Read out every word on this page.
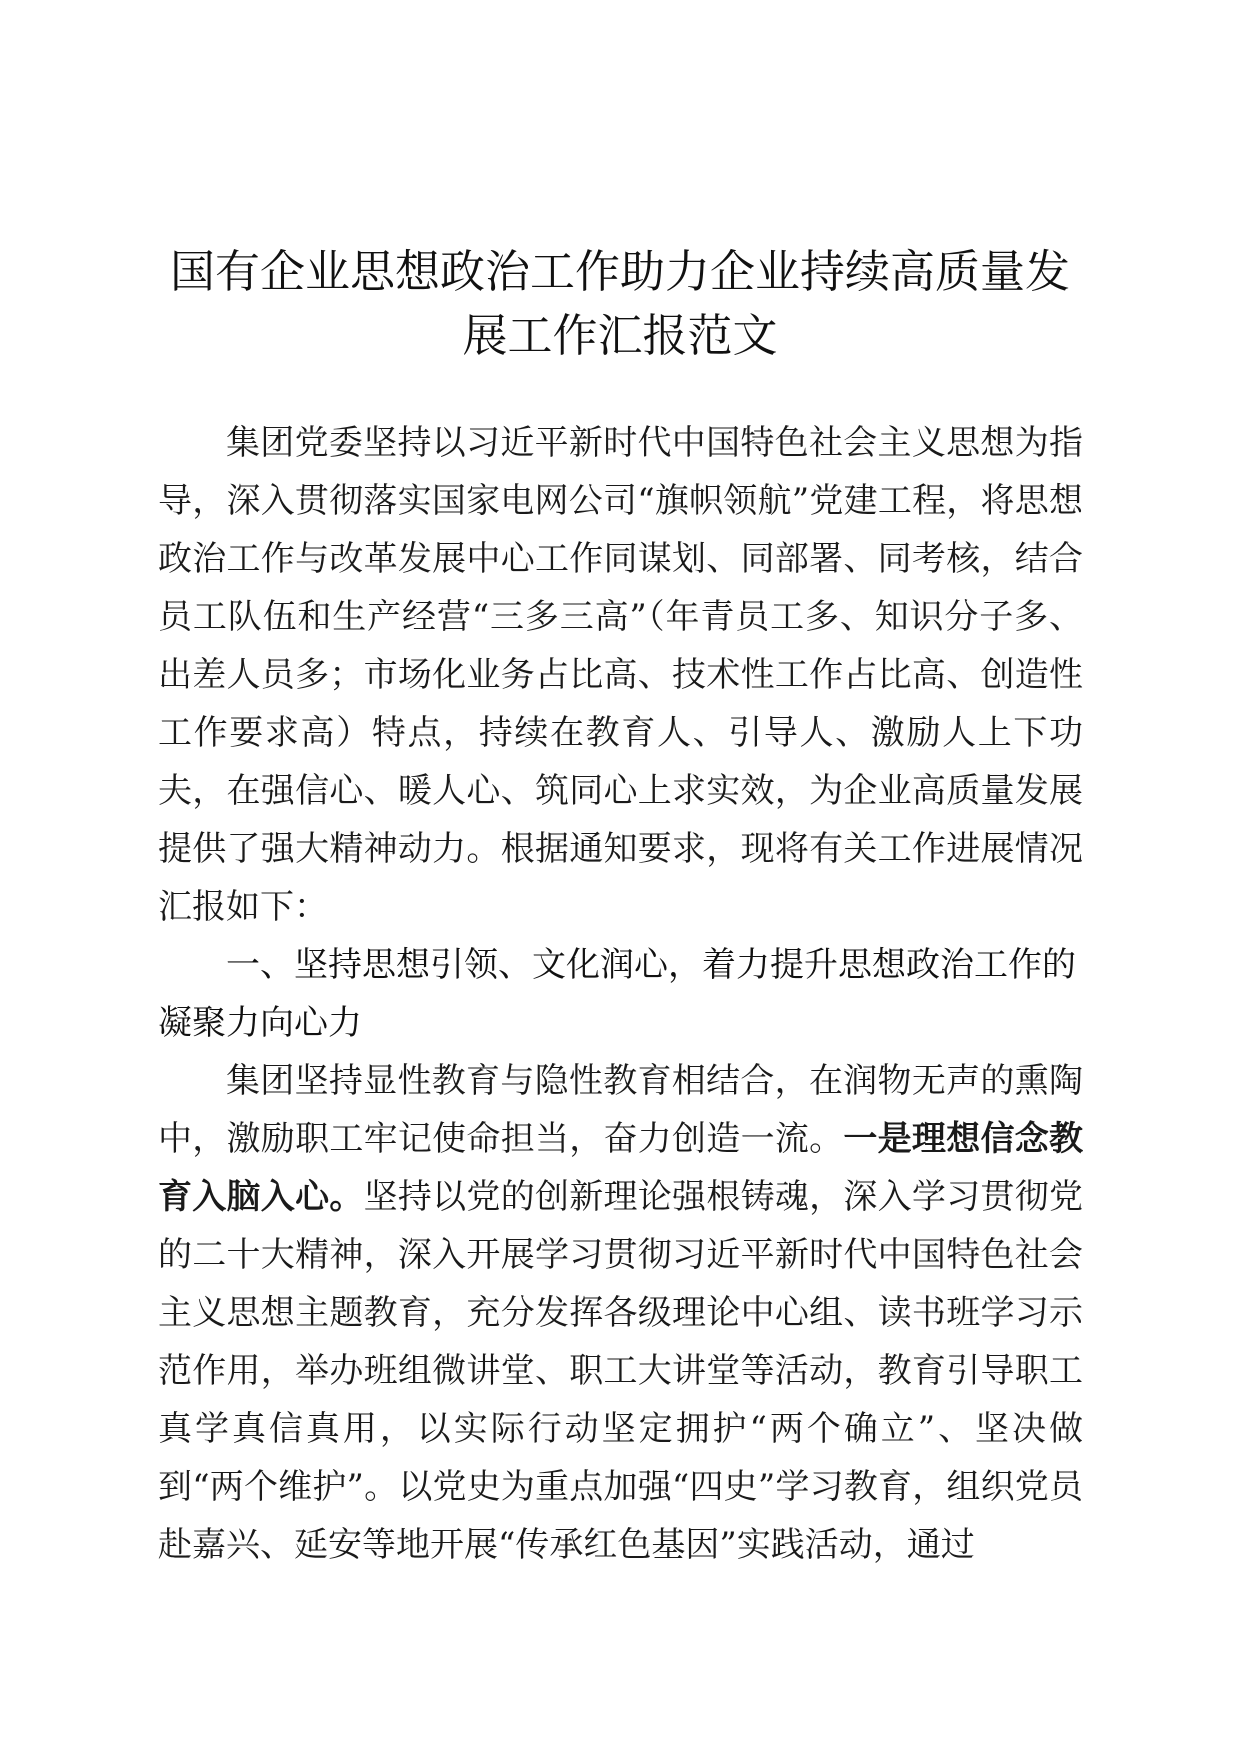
国有企业思想政治工作助力企业持续高质量发展工作汇报范文

集团党委坚持以习近平新时代中国特色社会主义思想为指导，深入贯彻落实国家电网公司“旗帜领航”党建工程，将思想政治工作与改革发展中心工作同谋划、同部署、同考核，结合员工队伍和生产经营“三多三高”（年青员工多、知识分子多、出差人员多；市场化业务占比高、技术性工作占比高、创造性工作要求高）特点，持续在教育人、引导人、激励人上下功夫，在强信心、暖人心、筑同心上求实效，为企业高质量发展提供了强大精神动力。根据通知要求，现将有关工作进展情况汇报如下：

一、坚持思想引领、文化润心，着力提升思想政治工作的凝聚力向心力

集团坚持显性教育与隐性教育相结合，在润物无声的熏陶中，激励职工牢记使命担当，奋力创造一流。一是理想信念教育入脑入心。坚持以党的创新理论强根铸魂，深入学习贯彻党的二十大精神，深入开展学习贯彻习近平新时代中国特色社会主义思想主题教育，充分发挥各级理论中心组、读书班学习示范作用，举办班组微讲堂、职工大讲堂等活动，教育引导职工真学真信真用，以实际行动坚定拥护“两个确立”、坚决做到“两个维护”。以党史为重点加强“四史”学习教育，组织党员赴嘉兴、延安等地开展“传承红色基因”实践活动，通过
